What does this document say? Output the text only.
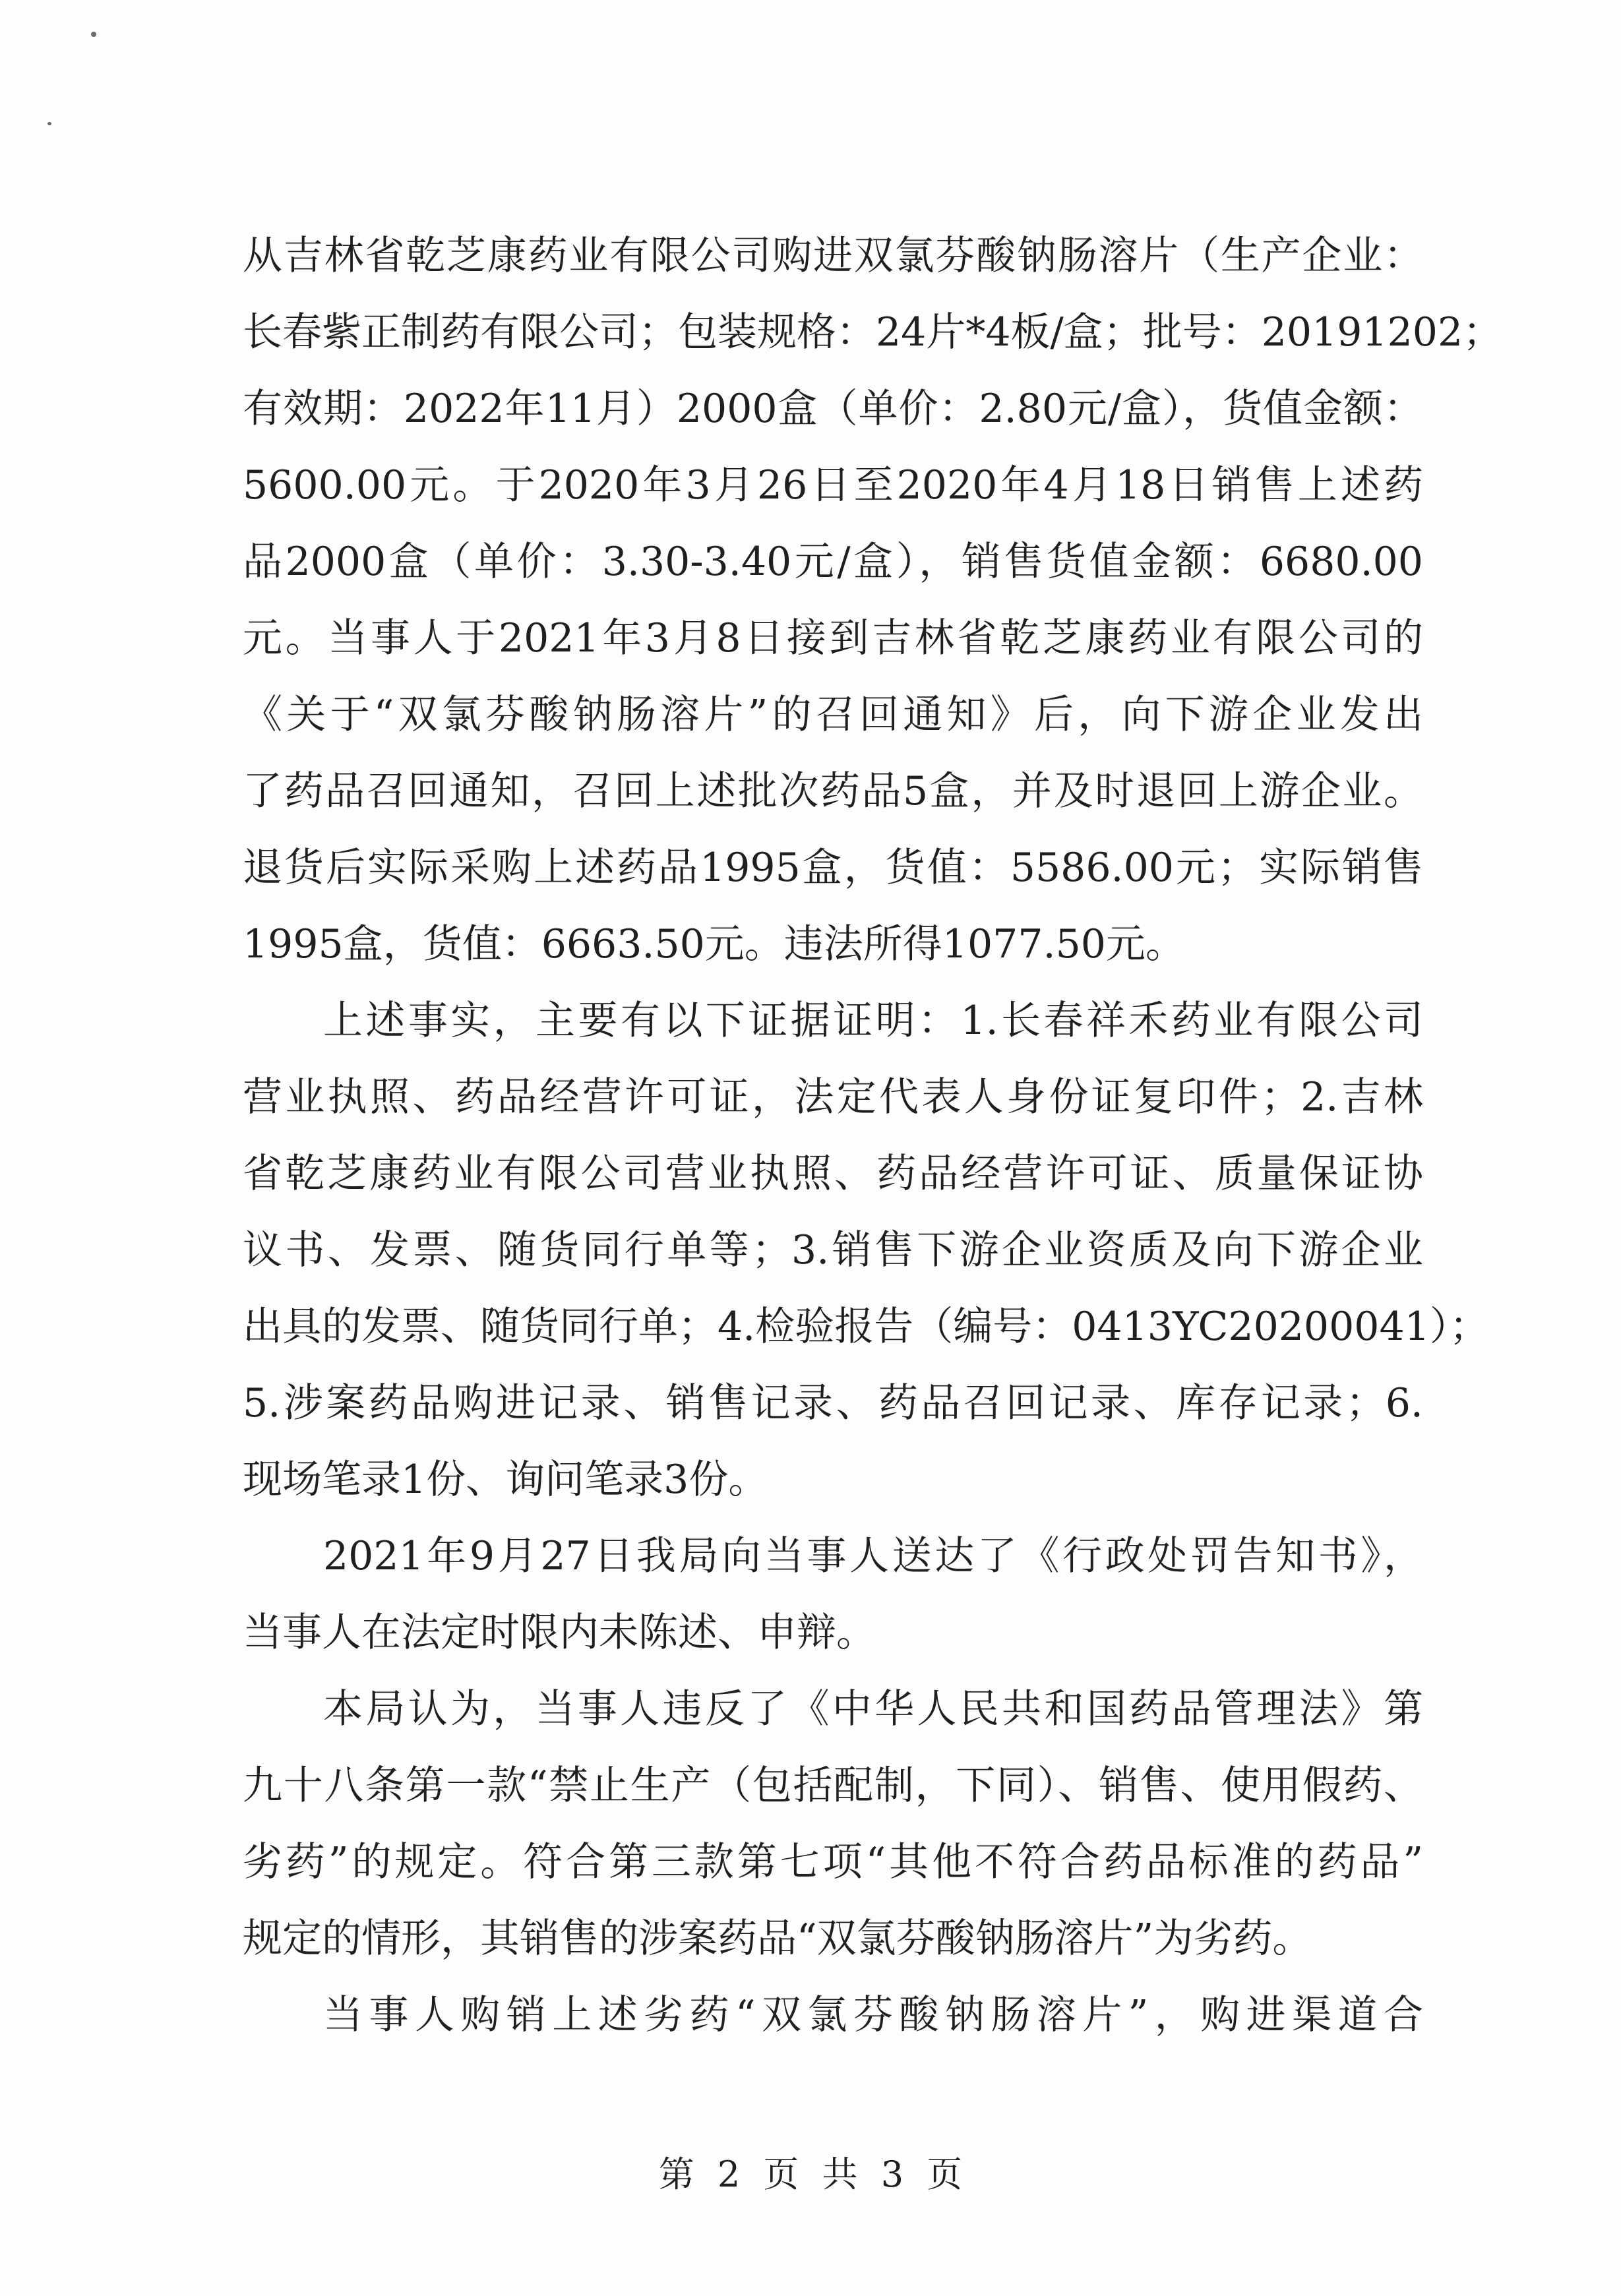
从吉林省乾芝康药业有限公司购进双氯芬酸钠肠溶片（生产企业：
长春紫正制药有限公司；包装规格：24片*4板/盒；批号：20191202；
有效期：2022年11月）2000盒（单价：2.80元/盒），货值金额：
5600.00元。于2020年3月26日至2020年4月18日销售上述药
品2000盒（单价：3.30-3.40元/盒），销售货值金额：6680.00
元。当事人于2021年3月8日接到吉林省乾芝康药业有限公司的
《关于“双氯芬酸钠肠溶片”的召回通知》后，向下游企业发出
了药品召回通知，召回上述批次药品5盒，并及时退回上游企业。
退货后实际采购上述药品1995盒，货值：5586.00元；实际销售
1995盒，货值：6663.50元。违法所得1077.50元。
上述事实，主要有以下证据证明：1.长春祥禾药业有限公司
营业执照、药品经营许可证，法定代表人身份证复印件；2.吉林
省乾芝康药业有限公司营业执照、药品经营许可证、质量保证协
议书、发票、随货同行单等；3.销售下游企业资质及向下游企业
出具的发票、随货同行单；4.检验报告（编号：0413YC20200041）；
5.涉案药品购进记录、销售记录、药品召回记录、库存记录；6.
现场笔录1份、询问笔录3份。
2021年9月27日我局向当事人送达了《行政处罚告知书》，
当事人在法定时限内未陈述、申辩。
本局认为，当事人违反了《中华人民共和国药品管理法》第
九十八条第一款“禁止生产（包括配制，下同）、销售、使用假药、
劣药”的规定。符合第三款第七项“其他不符合药品标准的药品”
规定的情形，其销售的涉案药品“双氯芬酸钠肠溶片”为劣药。
当事人购销上述劣药“双氯芬酸钠肠溶片”，购进渠道合
第 2 页 共 3 页
